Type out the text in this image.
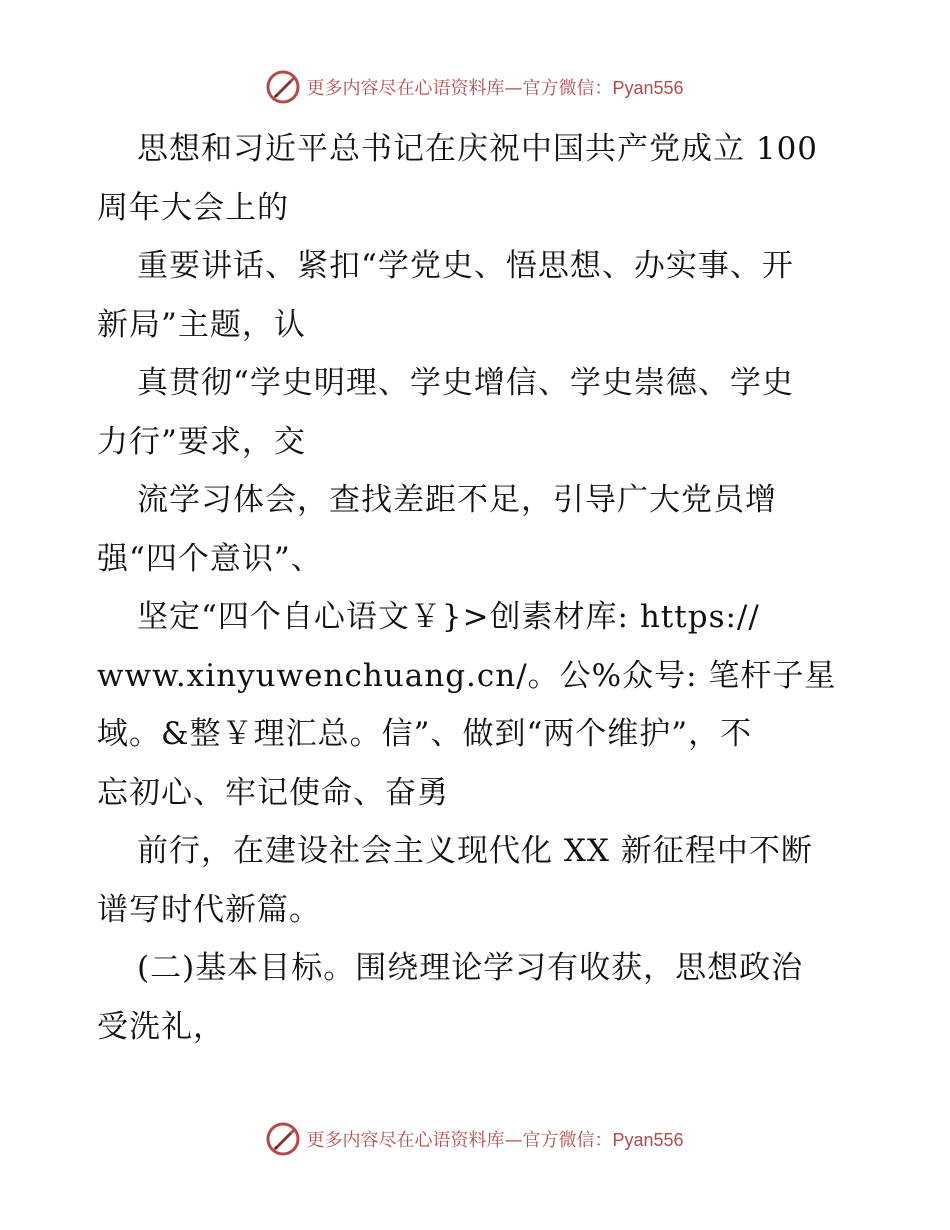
更多内容尽在心语资料库—官方微信：Pyan556
思想和习近平总书记在庆祝中国共产党成立 100
周年大会上的
重要讲话、紧扣“学党史、悟思想、办实事、开
新局”主题，认
真贯彻“学史明理、学史增信、学史崇德、学史
力行”要求，交
流学习体会，查找差距不足，引导广大党员增
强“四个意识”、
坚定“四个自心语文￥}>创素材库: https://
www.xinyuwenchuang.cn/。公%众号: 笔杆子星
域。&整￥理汇总。信”、做到“两个维护”，不
忘初心、牢记使命、奋勇
前行，在建设社会主义现代化 XX 新征程中不断
谱写时代新篇。
(二)基本目标。围绕理论学习有收获，思想政治
受洗礼，
更多内容尽在心语资料库—官方微信：Pyan556
